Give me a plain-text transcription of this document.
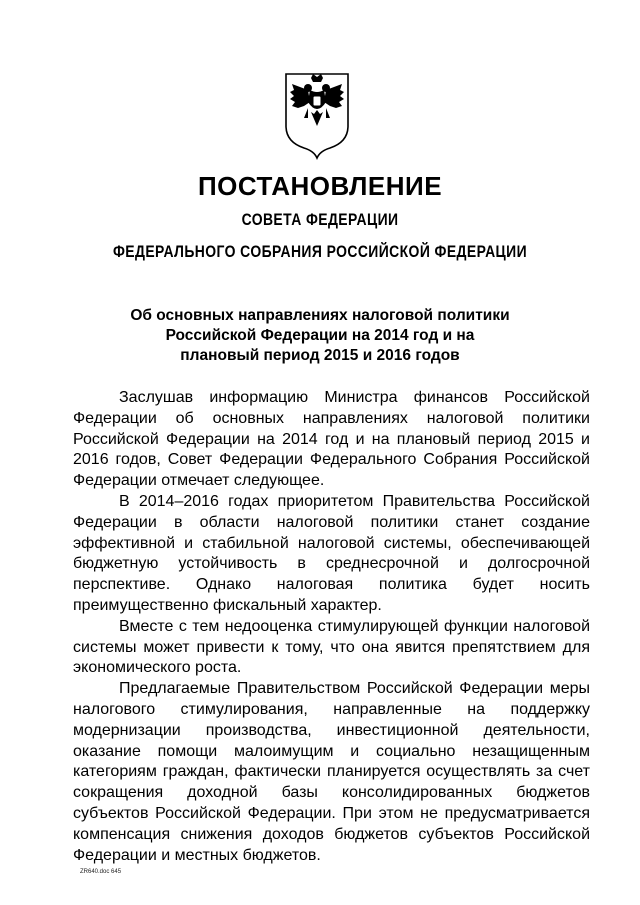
ПОСТАНОВЛЕНИЕ
СОВЕТА ФЕДЕРАЦИИ
ФЕДЕРАЛЬНОГО СОБРАНИЯ РОССИЙСКОЙ ФЕДЕРАЦИИ
Об основных направлениях налоговой политики
Российской Федерации на 2014 год и на
плановый период 2015 и 2016 годов

Заслушав информацию Министра финансов Российской Федерации об основных направлениях налоговой политики Российской Федерации на 2014 год и на плановый период 2015 и 2016 годов, Совет Федерации Федерального Собрания Российской Федерации отмечает следующее.

В 2014–2016 годах приоритетом Правительства Российской Федерации в области налоговой политики станет создание эффективной и стабильной налоговой системы, обеспечивающей бюджетную устойчивость в среднесрочной и долгосрочной перспективе. Однако налоговая политика будет носить преимущественно фискальный характер.

Вместе с тем недооценка стимулирующей функции налоговой системы может привести к тому, что она явится препятствием для экономического роста.

Предлагаемые Правительством Российской Федерации меры налогового стимулирования, направленные на поддержку модернизации производства, инвестиционной деятельности, оказание помощи малоимущим и социально незащищенным категориям граждан, фактически планируется осуществлять за счет сокращения доходной базы консолидированных бюджетов субъектов Российской Федерации. При этом не предусматривается компенсация снижения доходов бюджетов субъектов Российской Федерации и местных бюджетов.

ZR640.doc 645
